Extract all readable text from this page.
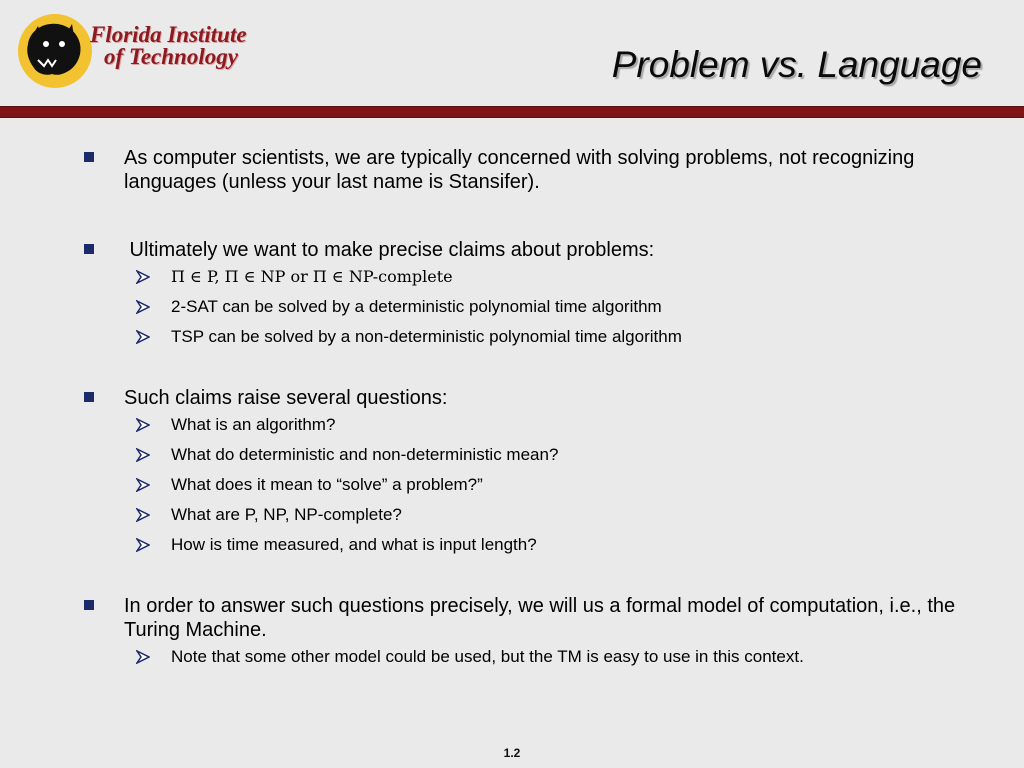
Florida Institute
of Technology	Problem vs. Language
As computer scientists, we are typically concerned with solving problems, not recognizing languages (unless your last name is Stansifer).
Ultimately we want to make precise claims about problems:
Π ∈ P, Π ∈ NP or Π ∈ NP-complete
2-SAT can be solved by a deterministic polynomial time algorithm
TSP can be solved by a non-deterministic polynomial time algorithm
Such claims raise several questions:
What is an algorithm?
What do deterministic and non-deterministic mean?
What does it mean to “solve” a problem?”
What are P, NP, NP-complete?
How is time measured, and what is input length?
In order to answer such questions precisely, we will us a formal model of computation, i.e., the Turing Machine.
Note that some other model could be used, but the TM is easy to use in this context.
1.2
